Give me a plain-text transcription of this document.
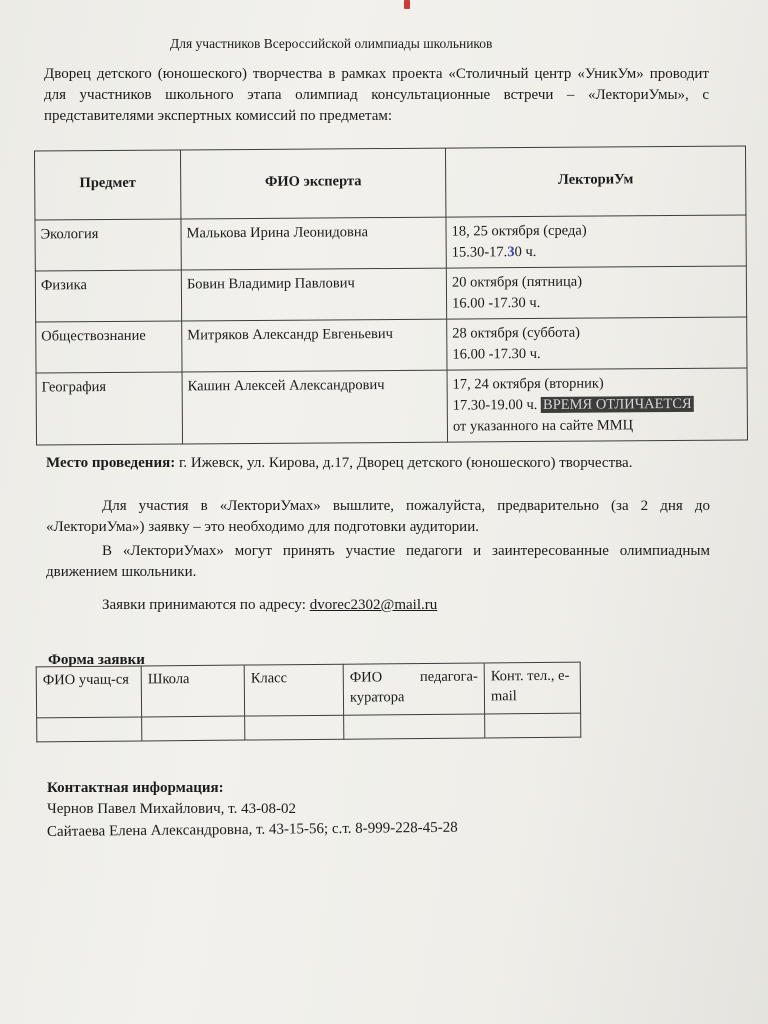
Для участников Всероссийской олимпиады школьников
Дворец детского (юношеского) творчества в рамках проекта «Столичный центр «УникУм» проводит для участников школьного этапа олимпиад консультационные встречи – «ЛекториУмы», с представителями экспертных комиссий по предметам:
Предмет	ФИО эксперта	ЛекториУм
Экология	Малькова Ирина Леонидовна	18, 25 октября (среда)
15.30-17.30 ч.

Физика	Бовин Владимир Павлович	20 октября (пятница)
16.00 -17.30 ч.

Обществознание	Митряков Александр Евгеньевич	28 октября (суббота)
16.00 -17.30 ч.

География	Кашин Алексей Александрович	17, 24 октября (вторник)
17.30-19.00 ч. ВРЕМЯ ОТЛИЧАЕТСЯ
от указанного на сайте ММЦ
Место проведения: г. Ижевск, ул. Кирова, д.17, Дворец детского (юношеского) творчества.
Для участия в «ЛекториУмах» вышлите, пожалуйста, предварительно (за 2 дня до «ЛекториУма») заявку – это необходимо для подготовки аудитории.
В «ЛекториУмах» могут принять участие педагоги и заинтересованные олимпиадным движением школьники.
Заявки принимаются по адресу: dvorec2302@mail.ru
Форма заявки
ФИО учащ-ся	Школа	Класс	ФИО педагога-куратора	Конт. тел., e-mail

Контактная информация:
Чернов Павел Михайлович, т. 43-08-02
Сайтаева Елена Александровна, т. 43-15-56; с.т. 8-999-228-45-28
